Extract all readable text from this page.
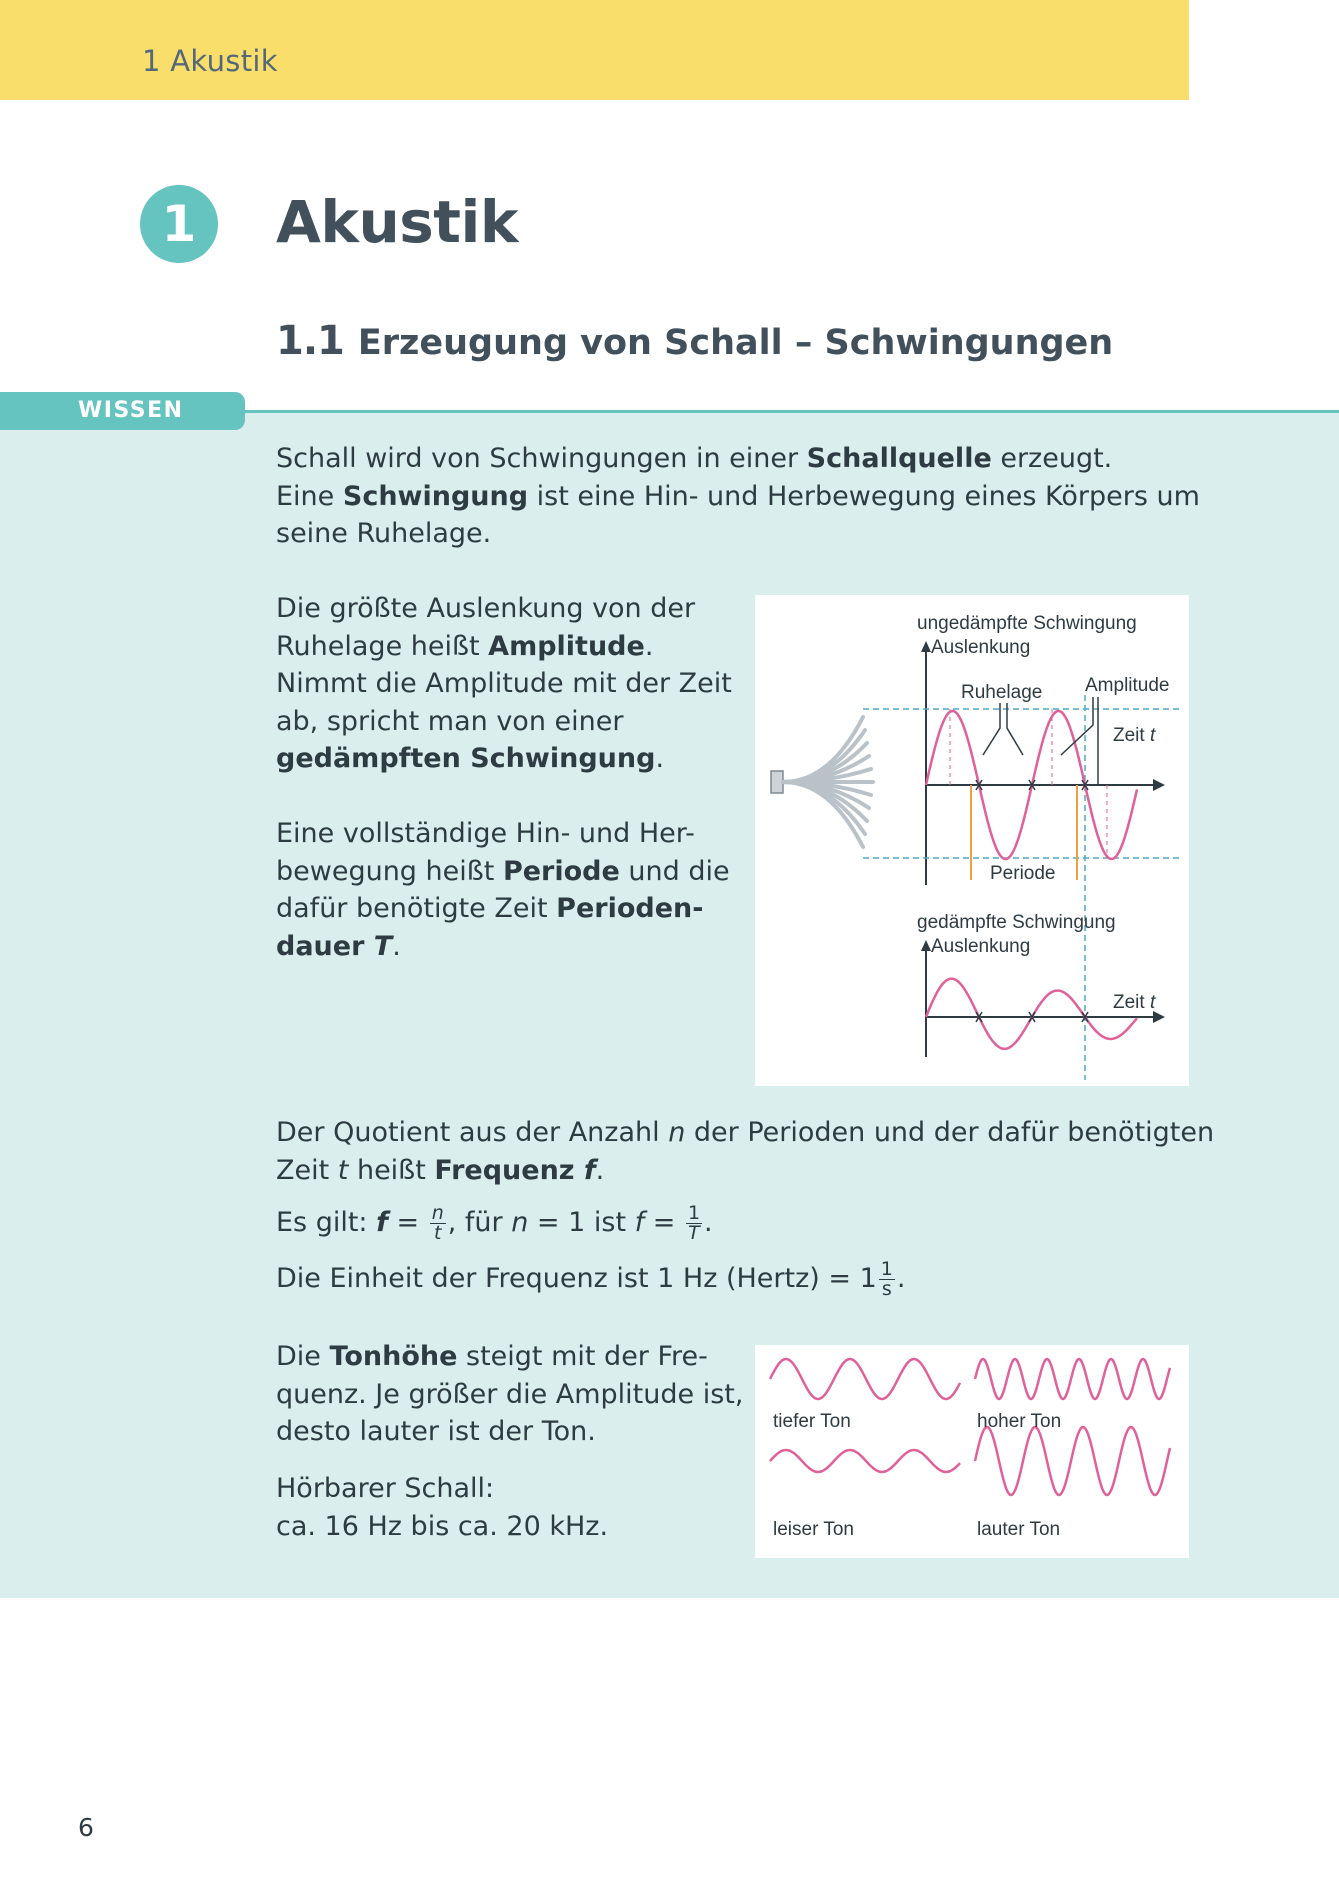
1 Akustik
1	Akustik
1.1 Erzeugung von Schall – Schwingungen
WISSEN
Schall wird von Schwingungen in einer Schallquelle erzeugt.
Eine Schwingung ist eine Hin- und Herbewegung eines Körpers um seine Ruhelage.
Die größte Auslenkung von der Ruhelage heißt Amplitude. Nimmt die Amplitude mit der Zeit ab, spricht man von einer gedämpften Schwingung.
Eine vollständige Hin- und Her-bewegung heißt Periode und die dafür benötigte Zeit Perioden-dauer T.
ungedämpfte Schwingung
Auslenkung
Ruhelage Amplitude
Zeit t
Periode
gedämpfte Schwingung
Auslenkung
Zeit t
Der Quotient aus der Anzahl n der Perioden und der dafür benötigten Zeit t heißt Frequenz f.
Es gilt: $f = \frac{n}{t}$ , für n = 1 ist $f = \frac{1}{T}$ .
Die Einheit der Frequenz ist 1 Hz (Hertz) = $1 \frac{1}{s}$ .
Die Tonhöhe steigt mit der Fre-quenz. Je größer die Amplitude ist, desto lauter ist der Ton.
Hörbarer Schall:
ca. 16 Hz bis ca. 20 kHz.
tiefer Ton	hoher Ton
leiser Ton	lauter Ton
6
